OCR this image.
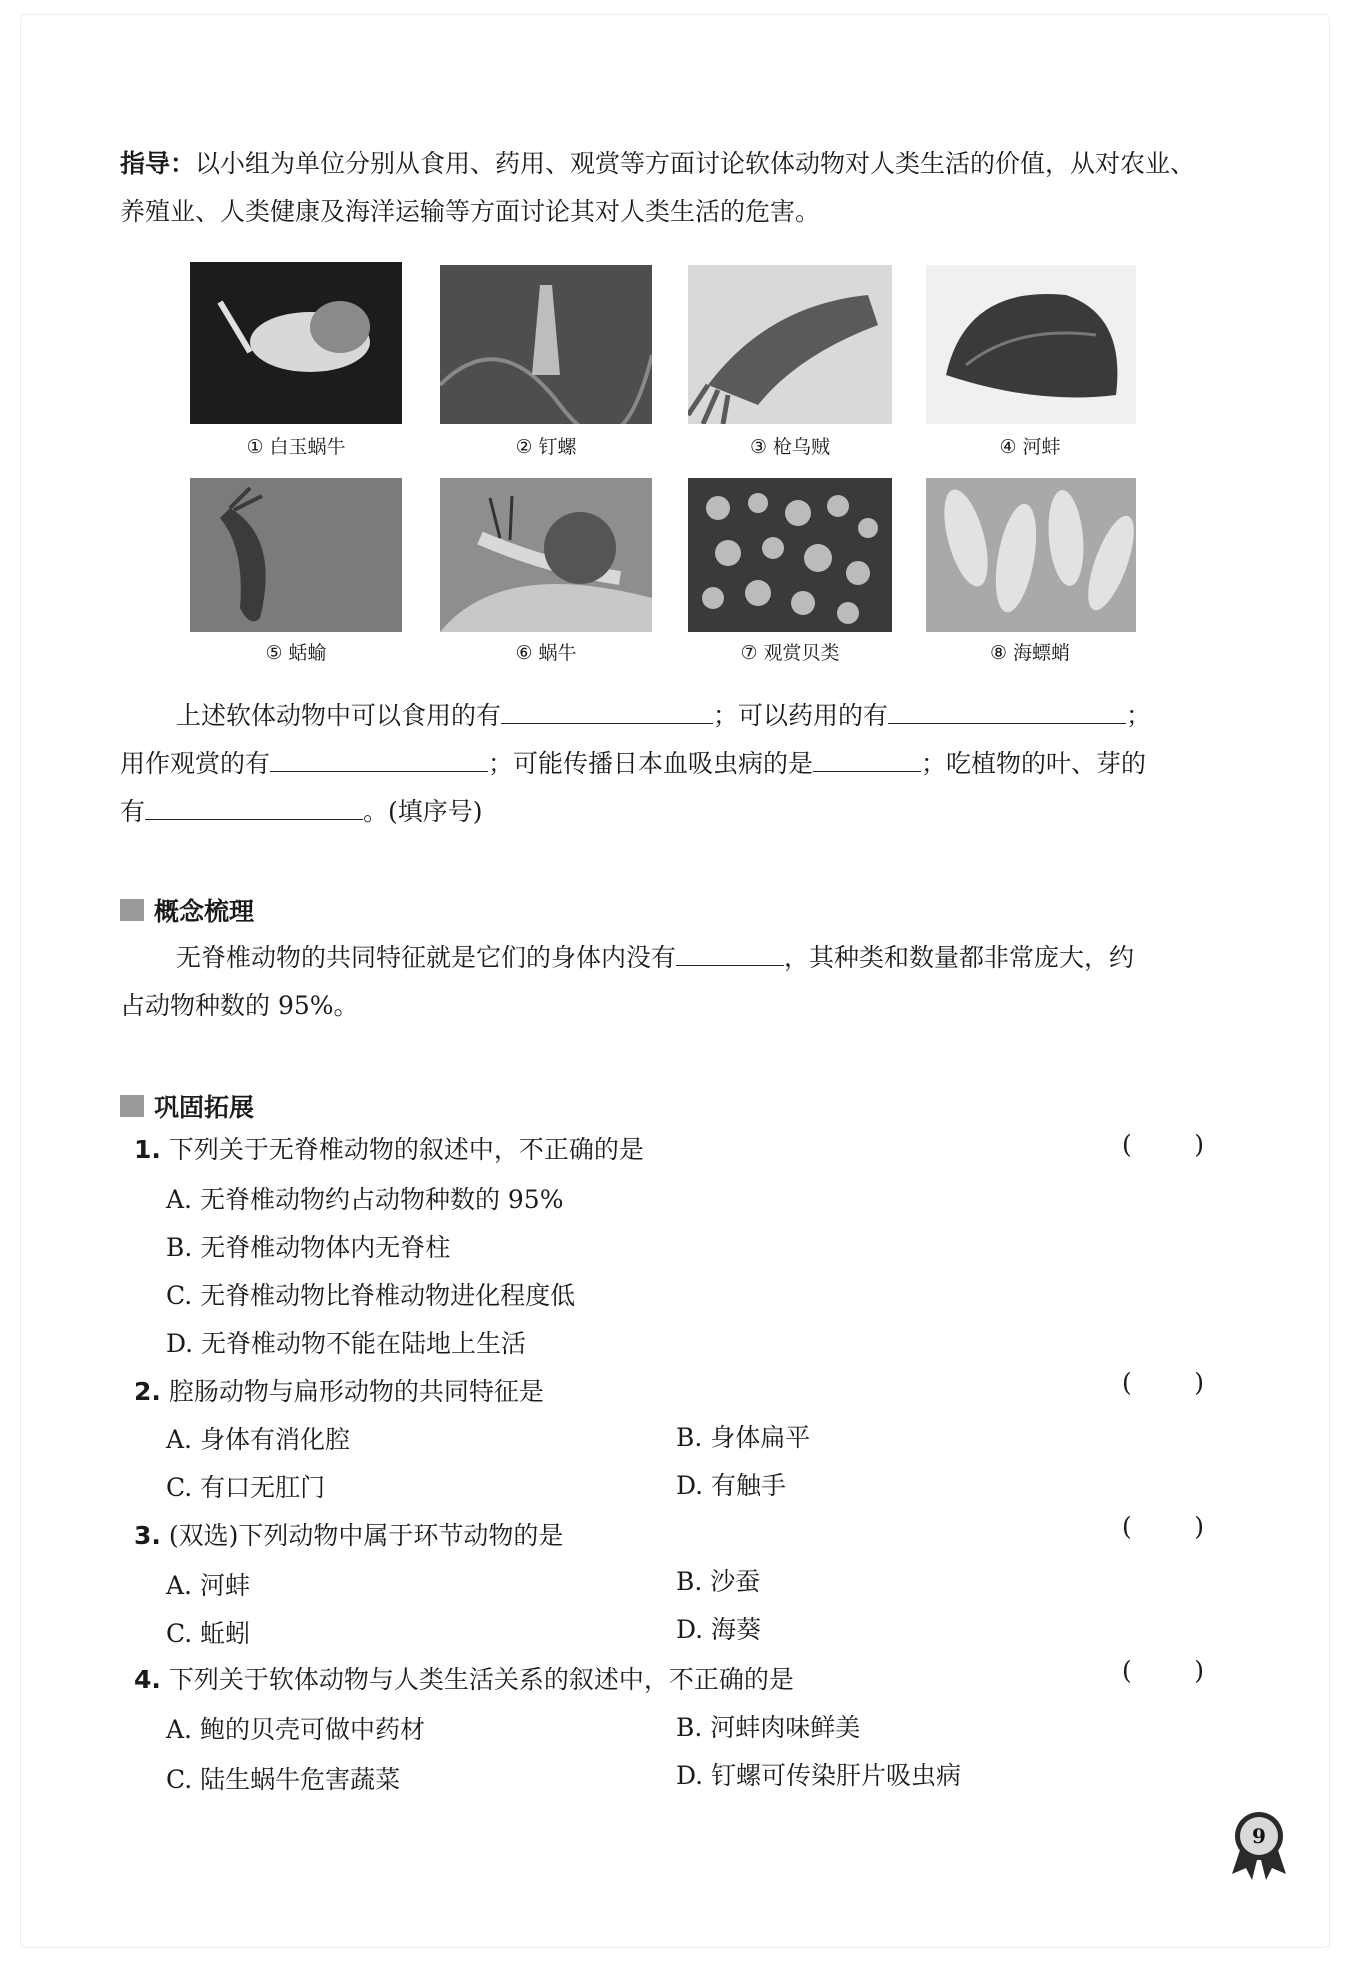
指导：以小组为单位分别从食用、药用、观赏等方面讨论软体动物对人类生活的价值，从对农业、养殖业、人类健康及海洋运输等方面讨论其对人类生活的危害。
① 白玉蜗牛	② 钉螺	③ 枪乌贼	④ 河蚌
⑤ 蛞蝓	⑥ 蜗牛	⑦ 观赏贝类	⑧ 海螵蛸
上述软体动物中可以食用的有	；可以药用的有	；
用作观赏的有	；可能传播日本血吸虫病的是	；吃植物的叶、芽的
有	。(填序号)
概念梳理
无脊椎动物的共同特征就是它们的身体内没有	，其种类和数量都非常庞大，约
占动物种数的 95%。
巩固拓展
1. 下列关于无脊椎动物的叙述中，不正确的是	( )
A. 无脊椎动物约占动物种数的 95%
B. 无脊椎动物体内无脊柱
C. 无脊椎动物比脊椎动物进化程度低
D. 无脊椎动物不能在陆地上生活
2. 腔肠动物与扁形动物的共同特征是	( )
A. 身体有消化腔	B. 身体扁平
C. 有口无肛门	D. 有触手
3. (双选)下列动物中属于环节动物的是	( )
A. 河蚌	B. 沙蚕
C. 蚯蚓	D. 海葵
4. 下列关于软体动物与人类生活关系的叙述中，不正确的是	( )
A. 鲍的贝壳可做中药材	B. 河蚌肉味鲜美
C. 陆生蜗牛危害蔬菜	D. 钉螺可传染肝片吸虫病
9
